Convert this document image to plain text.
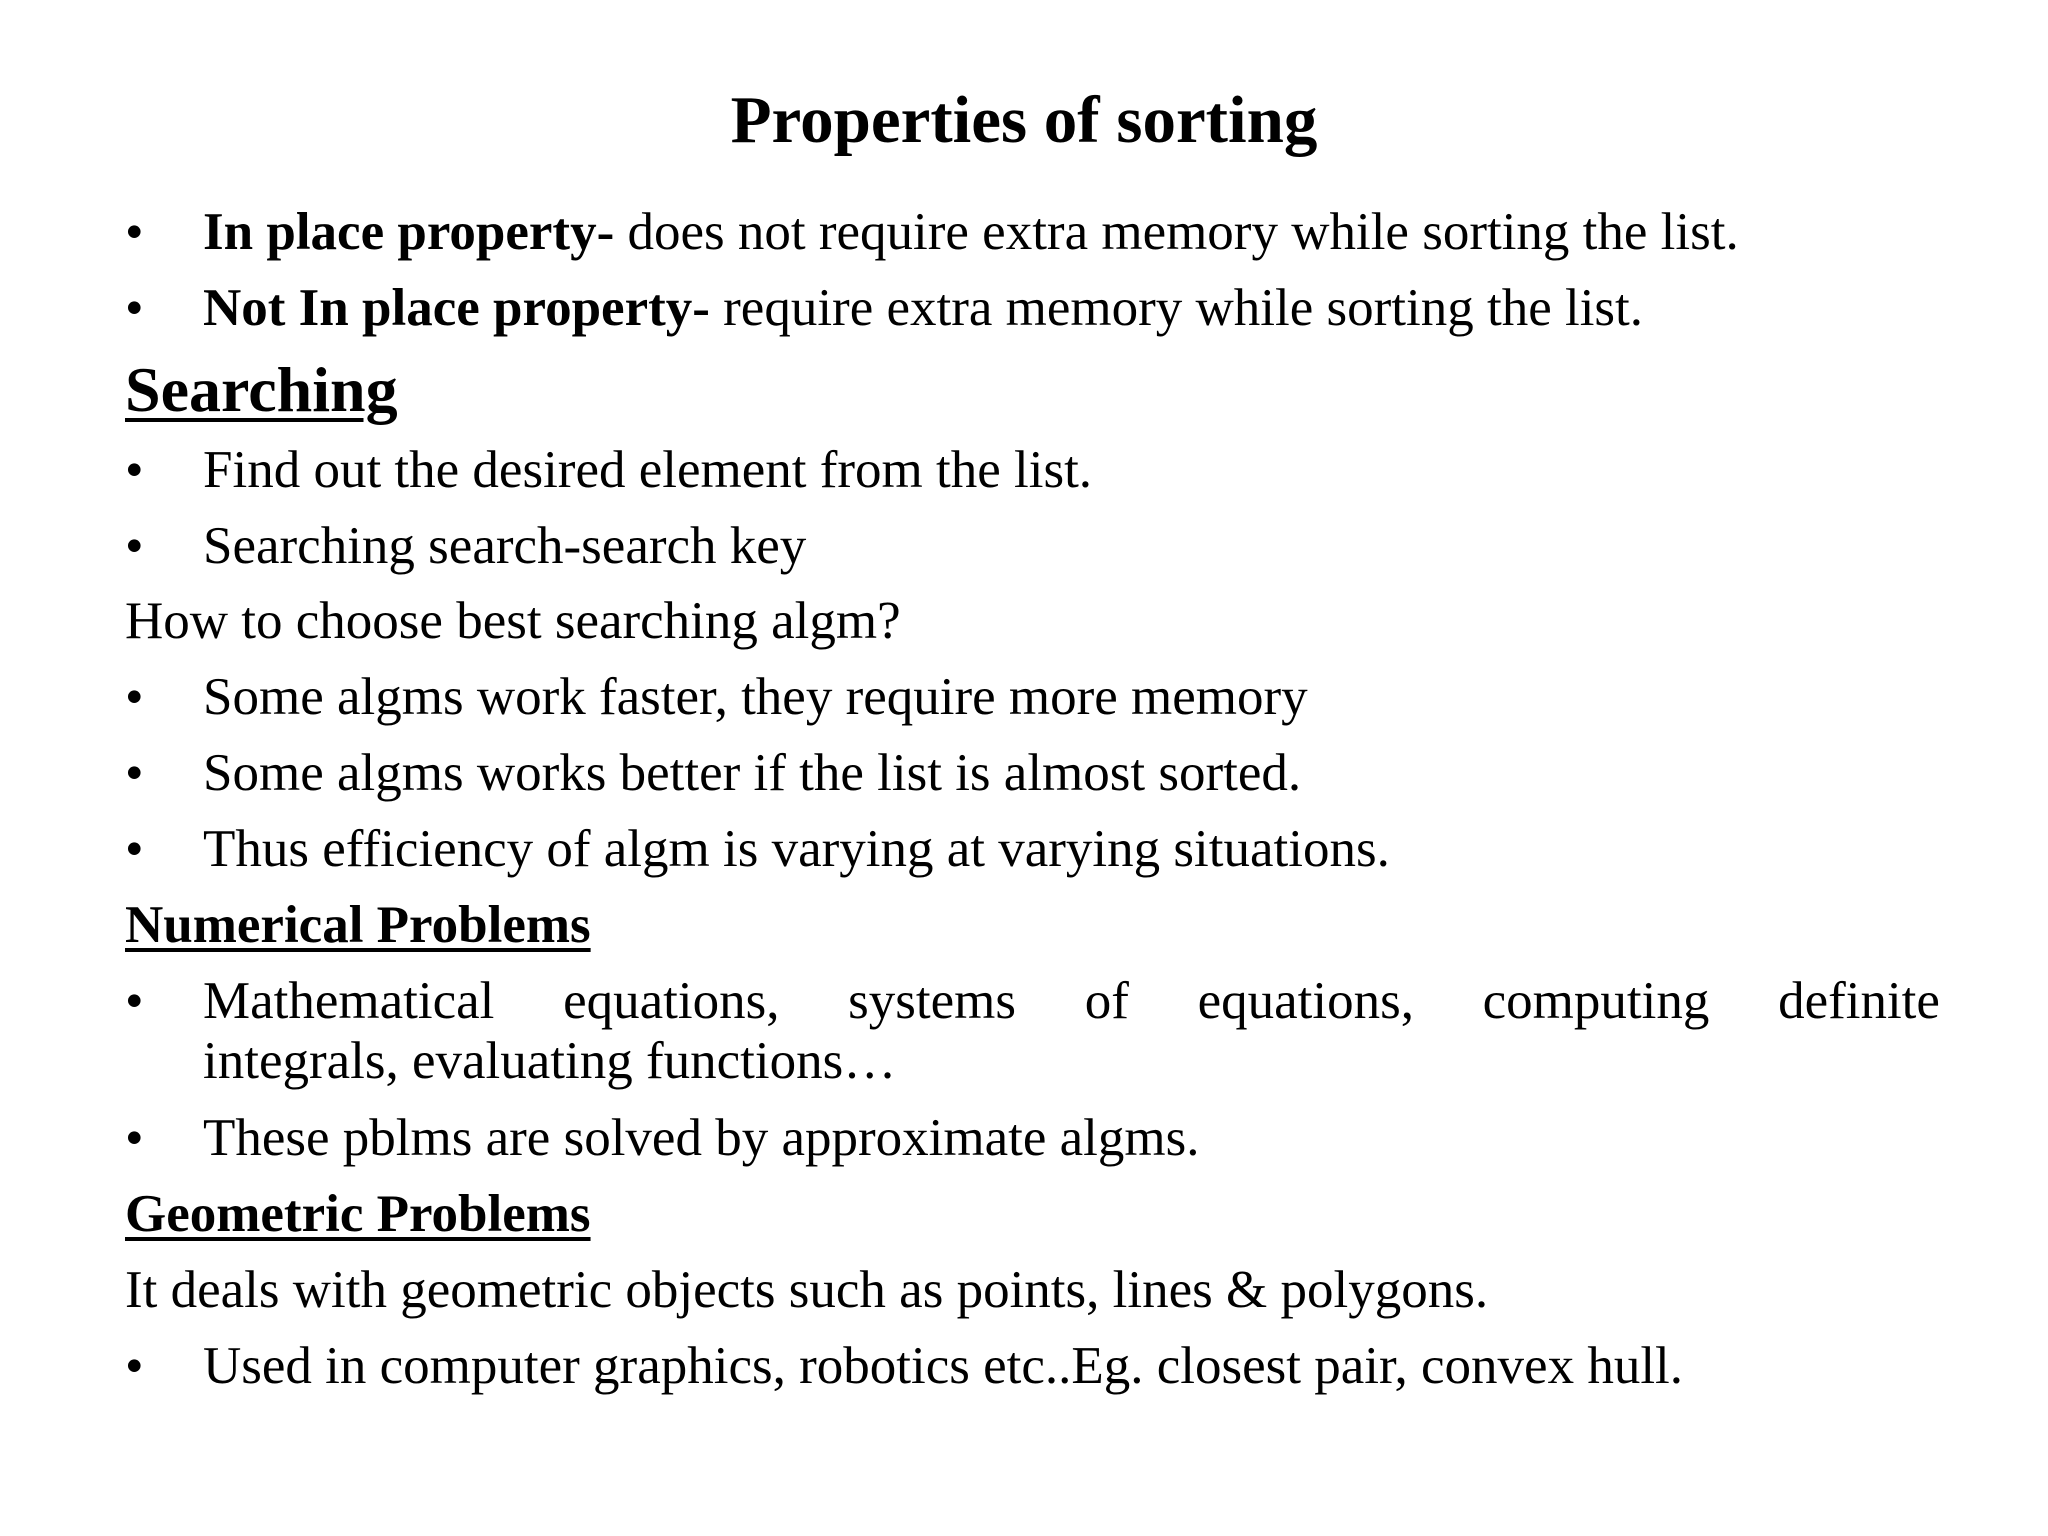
Properties of sorting
• In place property- does not require extra memory while sorting the list.
• Not In place property- require extra memory while sorting the list.
Searching
• Find out the desired element from the list.
• Searching search-search key
How to choose best searching algm?
• Some algms work faster, they require more memory
• Some algms works better if the list is almost sorted.
• Thus efficiency of algm is varying at varying situations.
Numerical Problems
• Mathematical equations, systems of equations, computing definite
integrals, evaluating functions…
• These pblms are solved by approximate algms.
Geometric Problems
It deals with geometric objects such as points, lines & polygons.
• Used in computer graphics, robotics etc..Eg. closest pair, convex hull.
